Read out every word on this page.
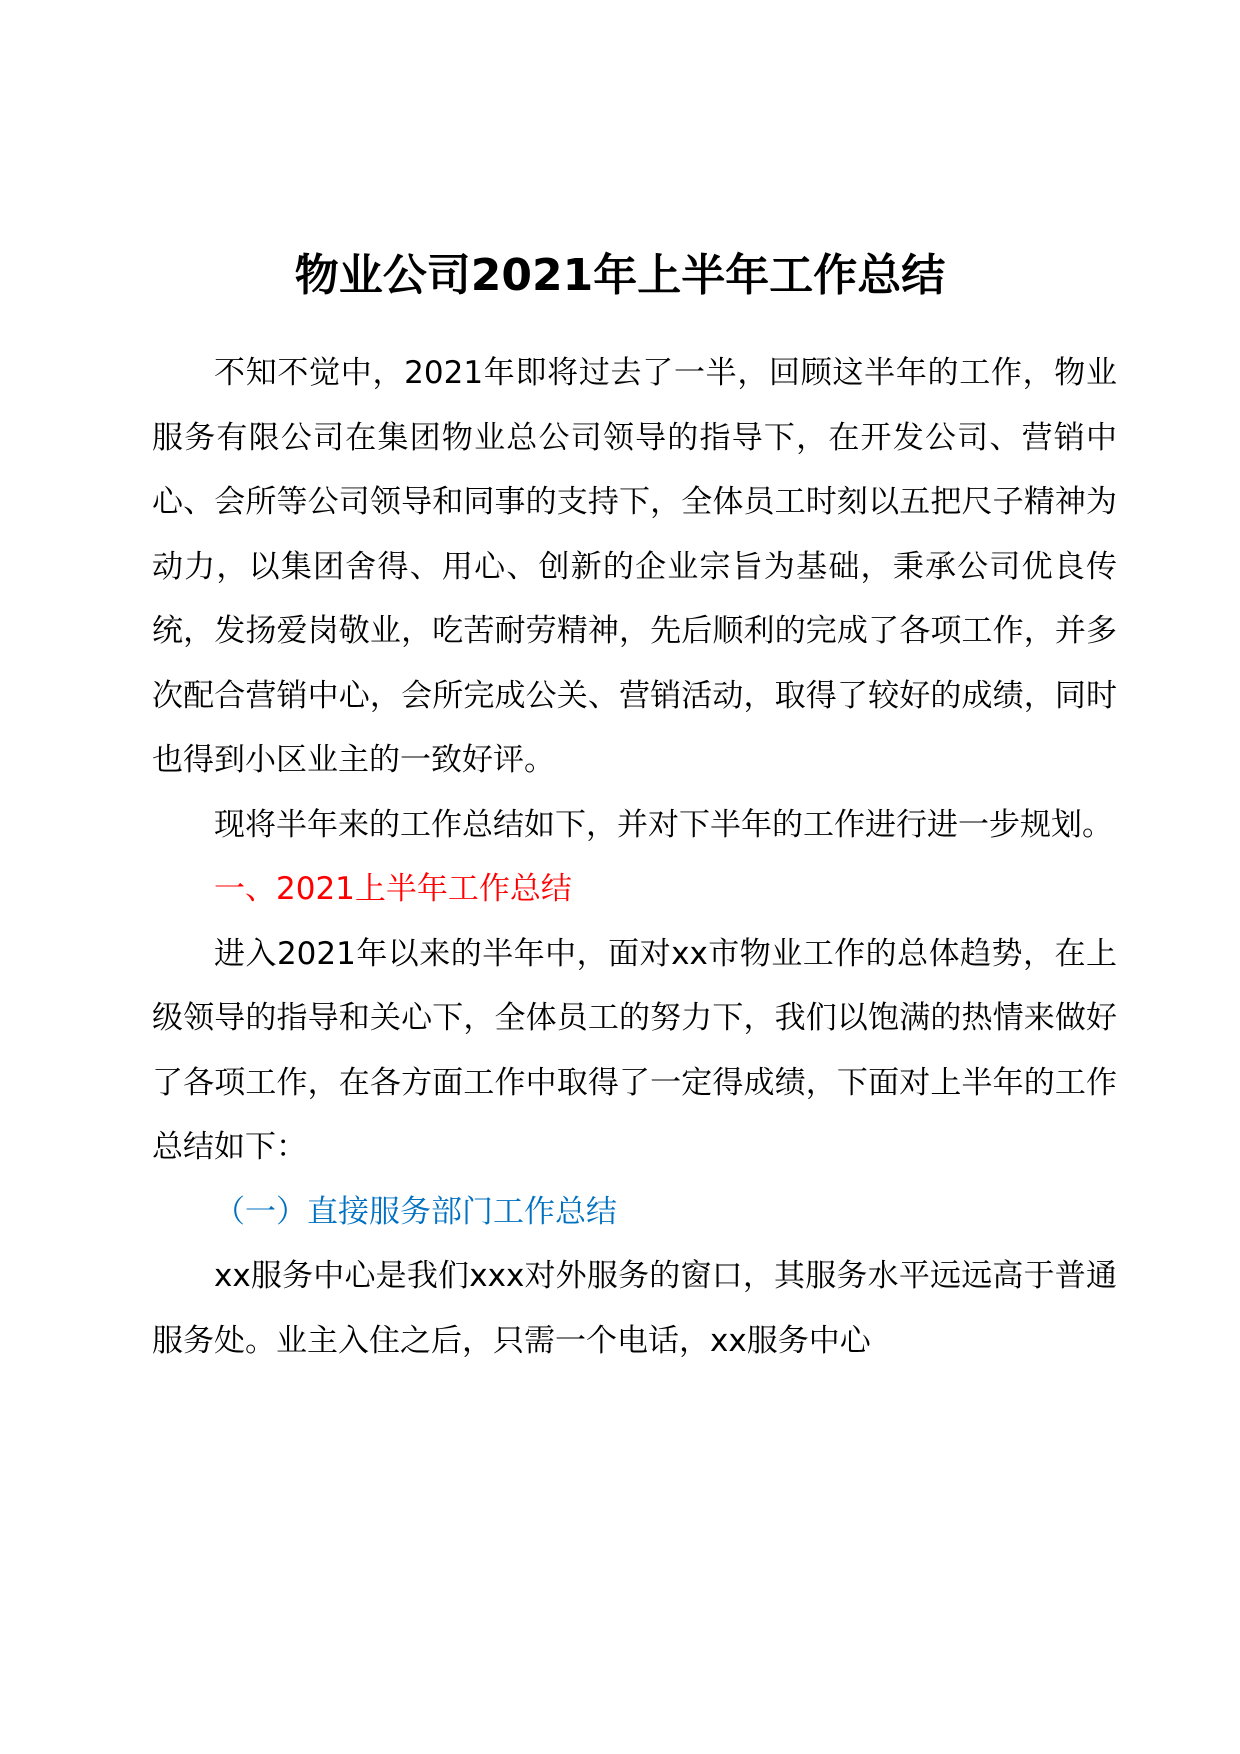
物业公司2021年上半年工作总结

不知不觉中，2021年即将过去了一半，回顾这半年的工作，物业服务有限公司在集团物业总公司领导的指导下，在开发公司、营销中心、会所等公司领导和同事的支持下，全体员工时刻以五把尺子精神为动力，以集团舍得、用心、创新的企业宗旨为基础，秉承公司优良传统，发扬爱岗敬业，吃苦耐劳精神，先后顺利的完成了各项工作，并多次配合营销中心，会所完成公关、营销活动，取得了较好的成绩，同时也得到小区业主的一致好评。

现将半年来的工作总结如下，并对下半年的工作进行进一步规划。

一、2021上半年工作总结

进入2021年以来的半年中，面对xx市物业工作的总体趋势，在上级领导的指导和关心下，全体员工的努力下，我们以饱满的热情来做好了各项工作，在各方面工作中取得了一定得成绩，下面对上半年的工作总结如下：

（一）直接服务部门工作总结

xx服务中心是我们xxx对外服务的窗口，其服务水平远远高于普通服务处。业主入住之后，只需一个电话，xx服务中心
